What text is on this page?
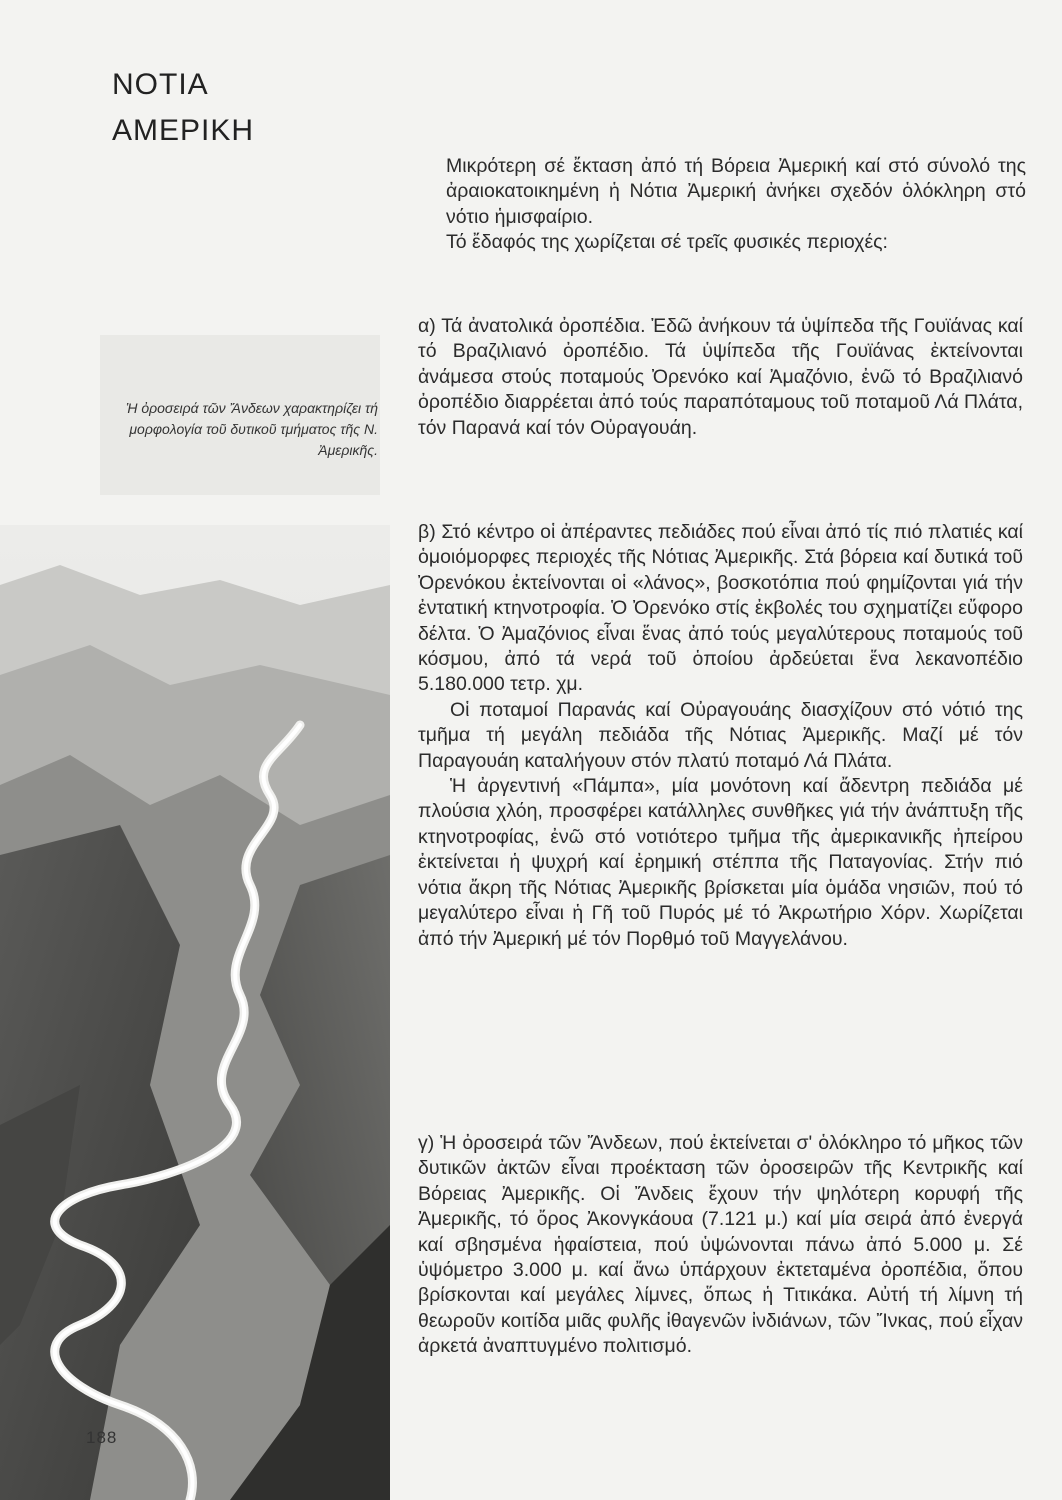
ΝΟΤΙΑ
ΑΜΕΡΙΚΗ
Ἡ ὀροσειρά τῶν Ἄνδεων χαρακτηρίζει τή μορφολογία τοῦ δυτικοῦ τμήματος τῆς Ν. Ἀμερικῆς.

Μικρότερη σέ ἔκταση ἀπό τή Βόρεια Ἀμερική καί στό σύνολό της ἀραιοκατοικημένη ἡ Νότια Ἀμερική ἀνήκει σχεδόν ὁλόκληρη στό νότιο ἡμισφαίριο.

Τό ἔδαφός της χωρίζεται σέ τρεῖς φυσικές περιοχές:

α) Τά ἀνατολικά ὀροπέδια. Ἐδῶ ἀνήκουν τά ὑψίπεδα τῆς Γουϊάνας καί τό Βραζιλιανό ὀροπέδιο. Τά ὑψίπεδα τῆς Γουϊάνας ἐκτείνονται ἀνάμεσα στούς ποταμούς Ὀρενόκο καί Ἀμαζόνιο, ἐνῶ τό Βραζιλιανό ὀροπέδιο διαρρέεται ἀπό τούς παραπόταμους τοῦ ποταμοῦ Λά Πλάτα, τόν Παρανά καί τόν Οὐραγουάη.

β) Στό κέντρο οἱ ἀπέραντες πεδιάδες πού εἶναι ἀπό τίς πιό πλατιές καί ὁμοιόμορφες περιοχές τῆς Νότιας Ἀμερικῆς. Στά βόρεια καί δυτικά τοῦ Ὀρενόκου ἐκτείνονται οἱ «λάνος», βοσκοτόπια πού φημίζονται γιά τήν ἐντατική κτηνοτροφία. Ὁ Ὀρενόκο στίς ἐκβολές του σχηματίζει εὔφορο δέλτα. Ὁ Ἀμαζόνιος εἶναι ἕνας ἀπό τούς μεγαλύτερους ποταμούς τοῦ κόσμου, ἀπό τά νερά τοῦ ὁποίου ἀρδεύεται ἕνα λεκανοπέδιο 5.180.000 τετρ. χμ.

Οἱ ποταμοί Παρανάς καί Οὐραγουάης διασχίζουν στό νότιό της τμῆμα τή μεγάλη πεδιάδα τῆς Νότιας Ἀμερικῆς. Μαζί μέ τόν Παραγουάη καταλήγουν στόν πλατύ ποταμό Λά Πλάτα.

Ἡ ἀργεντινή «Πάμπα», μία μονότονη καί ἄδεντρη πεδιάδα μέ πλούσια χλόη, προσφέρει κατάλληλες συνθῆκες γιά τήν ἀνάπτυξη τῆς κτηνοτροφίας, ἐνῶ στό νοτιότερο τμῆμα τῆς ἀμερικανικῆς ἠπείρου ἐκτείνεται ἡ ψυχρή καί ἐρημική στέππα τῆς Παταγονίας. Στήν πιό νότια ἄκρη τῆς Νότιας Ἀμερικῆς βρίσκεται μία ὁμάδα νησιῶν, πού τό μεγαλύτερο εἶναι ἡ Γῆ τοῦ Πυρός μέ τό Ἀκρωτήριο Χόρν. Χωρίζεται ἀπό τήν Ἀμερική μέ τόν Πορθμό τοῦ Μαγγελάνου.

γ) Ἡ ὀροσειρά τῶν Ἄνδεων, πού ἐκτείνεται σ' ὁλόκληρο τό μῆκος τῶν δυτικῶν ἀκτῶν εἶναι προέκταση τῶν ὀροσειρῶν τῆς Κεντρικῆς καί Βόρειας Ἀμερικῆς. Οἱ Ἄνδεις ἔχουν τήν ψηλότερη κορυφή τῆς Ἀμερικῆς, τό ὄρος Ἀκονγκάουα (7.121 μ.) καί μία σειρά ἀπό ἐνεργά καί σβησμένα ἡφαίστεια, πού ὑψώνονται πάνω ἀπό 5.000 μ. Σέ ὑψόμετρο 3.000 μ. καί ἄνω ὑπάρχουν ἐκτεταμένα ὀροπέδια, ὅπου βρίσκονται καί μεγάλες λίμνες, ὅπως ἡ Τιτικάκα. Αὐτή τή λίμνη τή θεωροῦν κοιτίδα μιᾶς φυλῆς ἰθαγενῶν ἰνδιάνων, τῶν Ἴνκας, πού εἶχαν ἀρκετά ἀναπτυγμένο πολιτισμό.

188
